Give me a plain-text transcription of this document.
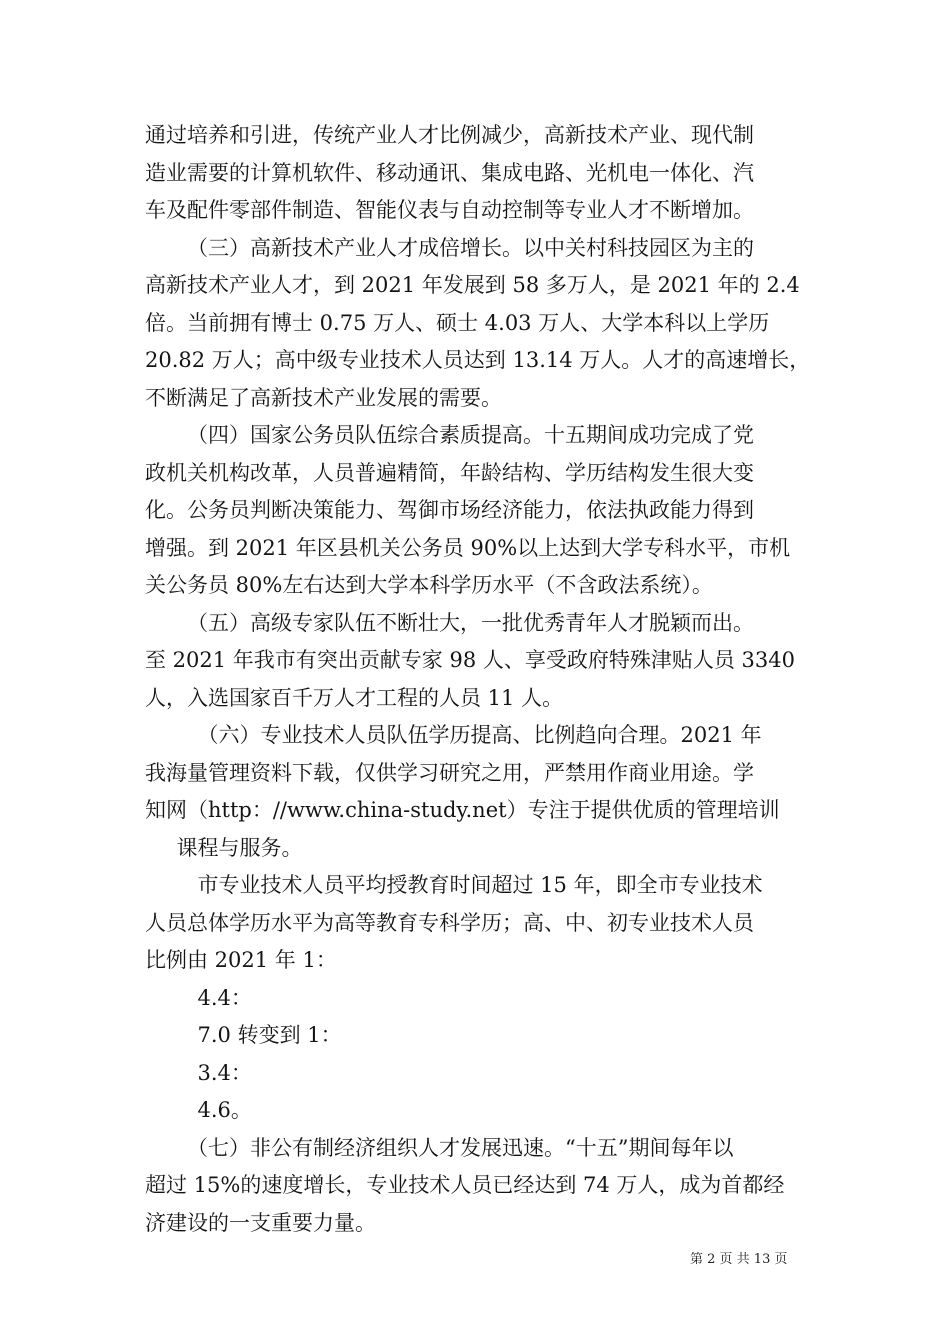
通过培养和引进，传统产业人才比例减少，高新技术产业、现代制
造业需要的计算机软件、移动通讯、集成电路、光机电一体化、汽
车及配件零部件制造、智能仪表与自动控制等专业人才不断增加。

（三）高新技术产业人才成倍增长。以中关村科技园区为主的
高新技术产业人才，到 2021 年发展到 58 多万人，是 2021 年的 2.4
倍。当前拥有博士 0.75 万人、硕士 4.03 万人、大学本科以上学历
20.82 万人；高中级专业技术人员达到 13.14 万人。人才的高速增长，
不断满足了高新技术产业发展的需要。

（四）国家公务员队伍综合素质提高。十五期间成功完成了党
政机关机构改革，人员普遍精简，年龄结构、学历结构发生很大变
化。公务员判断决策能力、驾御市场经济能力，依法执政能力得到
增强。到 2021 年区县机关公务员 90%以上达到大学专科水平，市机
关公务员 80%左右达到大学本科学历水平（不含政法系统）。

（五）高级专家队伍不断壮大，一批优秀青年人才脱颖而出。
至 2021 年我市有突出贡献专家 98 人、享受政府特殊津贴人员 3340
人，入选国家百千万人才工程的人员 11 人。

（六）专业技术人员队伍学历提高、比例趋向合理。2021 年
我海量管理资料下载，仅供学习研究之用，严禁用作商业用途。学
知网（http：//www.china-study.net）专注于提供优质的管理培训

课程与服务。

市专业技术人员平均授教育时间超过 15 年，即全市专业技术
人员总体学历水平为高等教育专科学历；高、中、初专业技术人员
比例由 2021 年 1：

4.4：

7.0 转变到 1：

3.4：

4.6。

（七）非公有制经济组织人才发展迅速。“十五”期间每年以
超过 15%的速度增长，专业技术人员已经达到 74 万人，成为首都经
济建设的一支重要力量。

第 2 页 共 13 页
